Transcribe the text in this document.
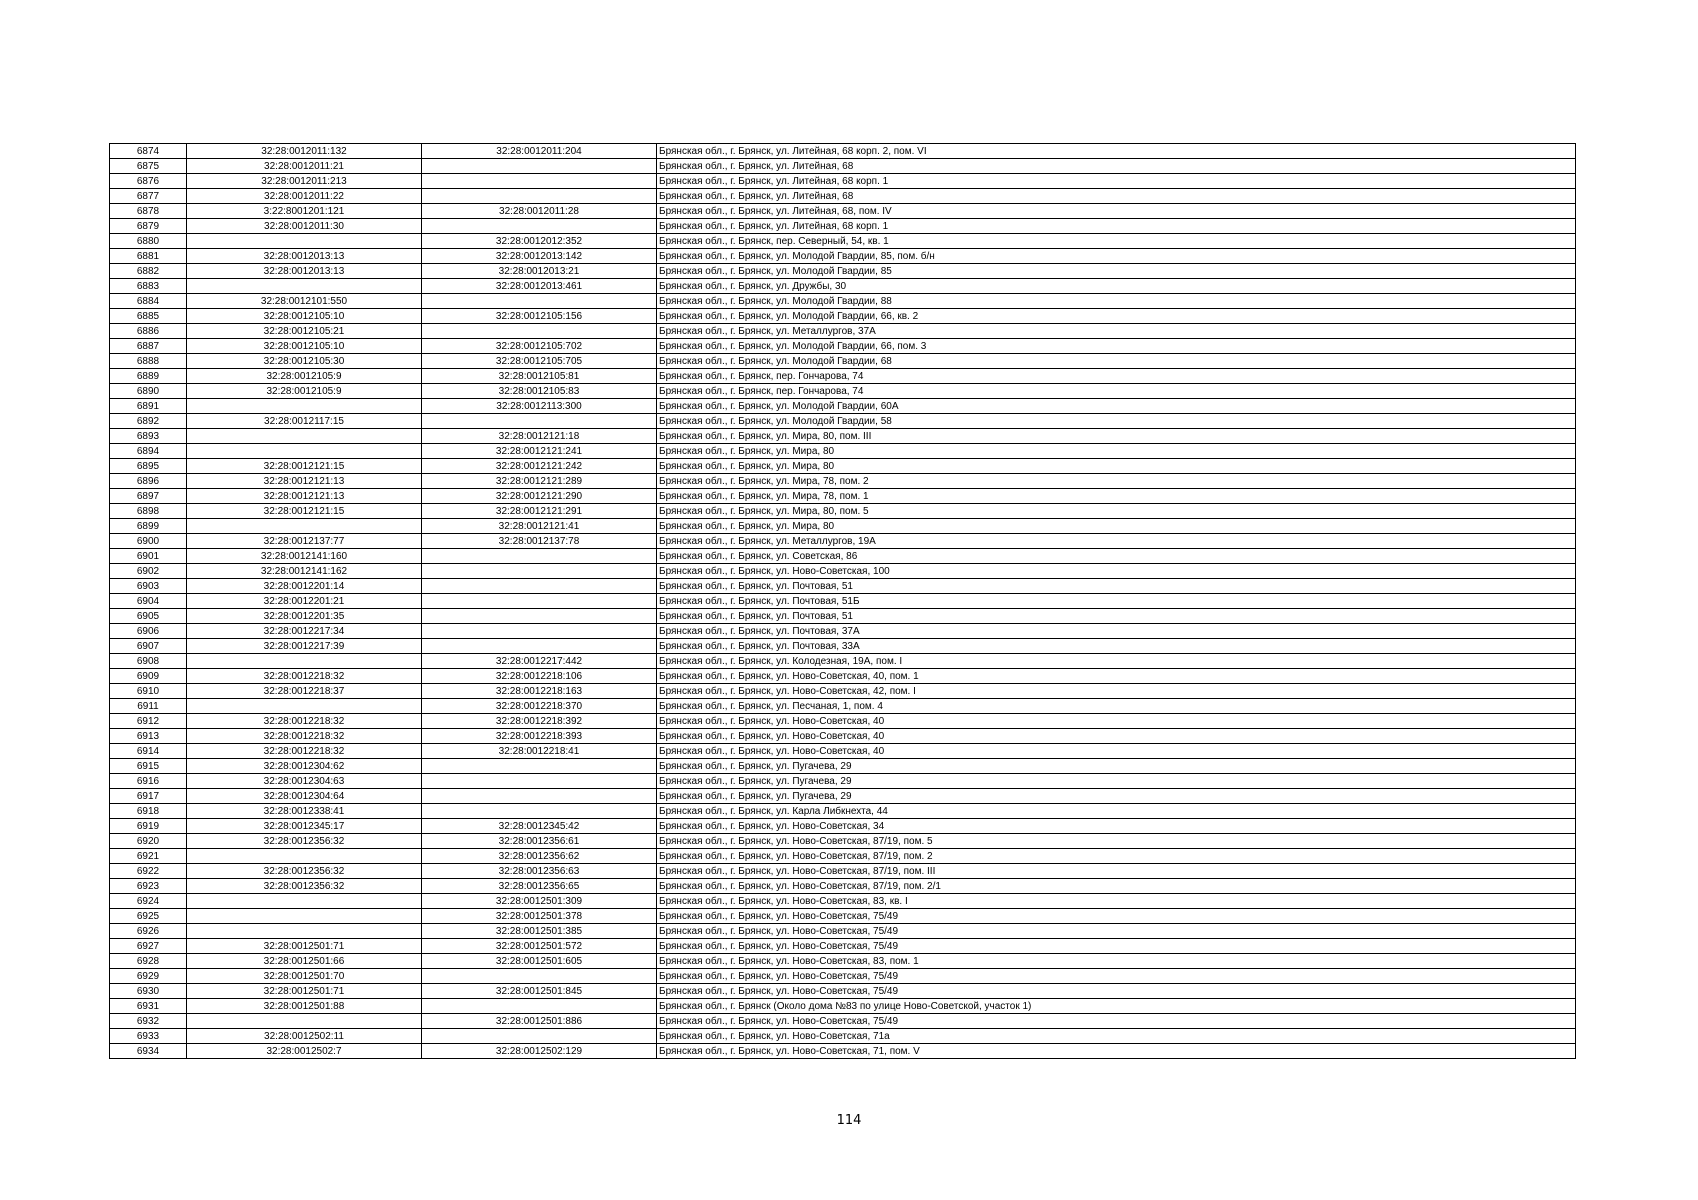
6874	32:28:0012011:132	32:28:0012011:204	Брянская обл., г. Брянск, ул. Литейная, 68 корп. 2, пом. VI
6875	32:28:0012011:21		Брянская обл., г. Брянск, ул. Литейная, 68
6876	32:28:0012011:213		Брянская обл., г. Брянск, ул. Литейная, 68 корп. 1
6877	32:28:0012011:22		Брянская обл., г. Брянск, ул. Литейная, 68
6878	3:22:8001201:121	32:28:0012011:28	Брянская обл., г. Брянск, ул. Литейная, 68, пом. IV
6879	32:28:0012011:30		Брянская обл., г. Брянск, ул. Литейная, 68 корп. 1
6880		32:28:0012012:352	Брянская обл., г. Брянск, пер. Северный, 54, кв. 1
6881	32:28:0012013:13	32:28:0012013:142	Брянская обл., г. Брянск, ул. Молодой Гвардии, 85, пом. б/н
6882	32:28:0012013:13	32:28:0012013:21	Брянская обл., г. Брянск, ул. Молодой Гвардии, 85
6883		32:28:0012013:461	Брянская обл., г. Брянск, ул. Дружбы, 30
6884	32:28:0012101:550		Брянская обл., г. Брянск, ул. Молодой Гвардии, 88
6885	32:28:0012105:10	32:28:0012105:156	Брянская обл., г. Брянск, ул. Молодой Гвардии, 66, кв. 2
6886	32:28:0012105:21		Брянская обл., г. Брянск, ул. Металлургов, 37А
6887	32:28:0012105:10	32:28:0012105:702	Брянская обл., г. Брянск, ул. Молодой Гвардии, 66, пом. 3
6888	32:28:0012105:30	32:28:0012105:705	Брянская обл., г. Брянск, ул. Молодой Гвардии, 68
6889	32:28:0012105:9	32:28:0012105:81	Брянская обл., г. Брянск, пер. Гончарова, 74
6890	32:28:0012105:9	32:28:0012105:83	Брянская обл., г. Брянск, пер. Гончарова, 74
6891		32:28:0012113:300	Брянская обл., г. Брянск, ул. Молодой Гвардии, 60А
6892	32:28:0012117:15		Брянская обл., г. Брянск, ул. Молодой Гвардии, 58
6893		32:28:0012121:18	Брянская обл., г. Брянск, ул. Мира, 80, пом. III
6894		32:28:0012121:241	Брянская обл., г. Брянск, ул. Мира, 80
6895	32:28:0012121:15	32:28:0012121:242	Брянская обл., г. Брянск, ул. Мира, 80
6896	32:28:0012121:13	32:28:0012121:289	Брянская обл., г. Брянск, ул. Мира, 78, пом. 2
6897	32:28:0012121:13	32:28:0012121:290	Брянская обл., г. Брянск, ул. Мира, 78, пом. 1
6898	32:28:0012121:15	32:28:0012121:291	Брянская обл., г. Брянск, ул. Мира, 80, пом. 5
6899		32:28:0012121:41	Брянская обл., г. Брянск, ул. Мира, 80
6900	32:28:0012137:77	32:28:0012137:78	Брянская обл., г. Брянск, ул. Металлургов, 19А
6901	32:28:0012141:160		Брянская обл., г. Брянск, ул. Советская, 86
6902	32:28:0012141:162		Брянская обл., г. Брянск, ул. Ново-Советская, 100
6903	32:28:0012201:14		Брянская обл., г. Брянск, ул. Почтовая, 51
6904	32:28:0012201:21		Брянская обл., г. Брянск, ул. Почтовая, 51Б
6905	32:28:0012201:35		Брянская обл., г. Брянск, ул. Почтовая, 51
6906	32:28:0012217:34		Брянская обл., г. Брянск, ул. Почтовая, 37А
6907	32:28:0012217:39		Брянская обл., г. Брянск, ул. Почтовая, 33А
6908		32:28:0012217:442	Брянская обл., г. Брянск, ул. Колодезная, 19А, пом. I
6909	32:28:0012218:32	32:28:0012218:106	Брянская обл., г. Брянск, ул. Ново-Советская, 40, пом. 1
6910	32:28:0012218:37	32:28:0012218:163	Брянская обл., г. Брянск, ул. Ново-Советская, 42, пом. I
6911		32:28:0012218:370	Брянская обл., г. Брянск, ул. Песчаная, 1, пом. 4
6912	32:28:0012218:32	32:28:0012218:392	Брянская обл., г. Брянск, ул. Ново-Советская, 40
6913	32:28:0012218:32	32:28:0012218:393	Брянская обл., г. Брянск, ул. Ново-Советская, 40
6914	32:28:0012218:32	32:28:0012218:41	Брянская обл., г. Брянск, ул. Ново-Советская, 40
6915	32:28:0012304:62		Брянская обл., г. Брянск, ул. Пугачева, 29
6916	32:28:0012304:63		Брянская обл., г. Брянск, ул. Пугачева, 29
6917	32:28:0012304:64		Брянская обл., г. Брянск, ул. Пугачева, 29
6918	32:28:0012338:41		Брянская обл., г. Брянск, ул. Карла Либкнехта, 44
6919	32:28:0012345:17	32:28:0012345:42	Брянская обл., г. Брянск, ул. Ново-Советская, 34
6920	32:28:0012356:32	32:28:0012356:61	Брянская обл., г. Брянск, ул. Ново-Советская, 87/19, пом. 5
6921		32:28:0012356:62	Брянская обл., г. Брянск, ул. Ново-Советская, 87/19, пом. 2
6922	32:28:0012356:32	32:28:0012356:63	Брянская обл., г. Брянск, ул. Ново-Советская, 87/19, пом. III
6923	32:28:0012356:32	32:28:0012356:65	Брянская обл., г. Брянск, ул. Ново-Советская, 87/19, пом. 2/1
6924		32:28:0012501:309	Брянская обл., г. Брянск, ул. Ново-Советская, 83, кв. I
6925		32:28:0012501:378	Брянская обл., г. Брянск, ул. Ново-Советская, 75/49
6926		32:28:0012501:385	Брянская обл., г. Брянск, ул. Ново-Советская, 75/49
6927	32:28:0012501:71	32:28:0012501:572	Брянская обл., г. Брянск, ул. Ново-Советская, 75/49
6928	32:28:0012501:66	32:28:0012501:605	Брянская обл., г. Брянск, ул. Ново-Советская, 83, пом. 1
6929	32:28:0012501:70		Брянская обл., г. Брянск, ул. Ново-Советская, 75/49
6930	32:28:0012501:71	32:28:0012501:845	Брянская обл., г. Брянск, ул. Ново-Советская, 75/49
6931	32:28:0012501:88		Брянская обл., г. Брянск (Около дома №83 по улице Ново-Советской, участок 1)
6932		32:28:0012501:886	Брянская обл., г. Брянск, ул. Ново-Советская, 75/49
6933	32:28:0012502:11		Брянская обл., г. Брянск, ул. Ново-Советская, 71а
6934	32:28:0012502:7	32:28:0012502:129	Брянская обл., г. Брянск, ул. Ново-Советская, 71, пом. V
114
